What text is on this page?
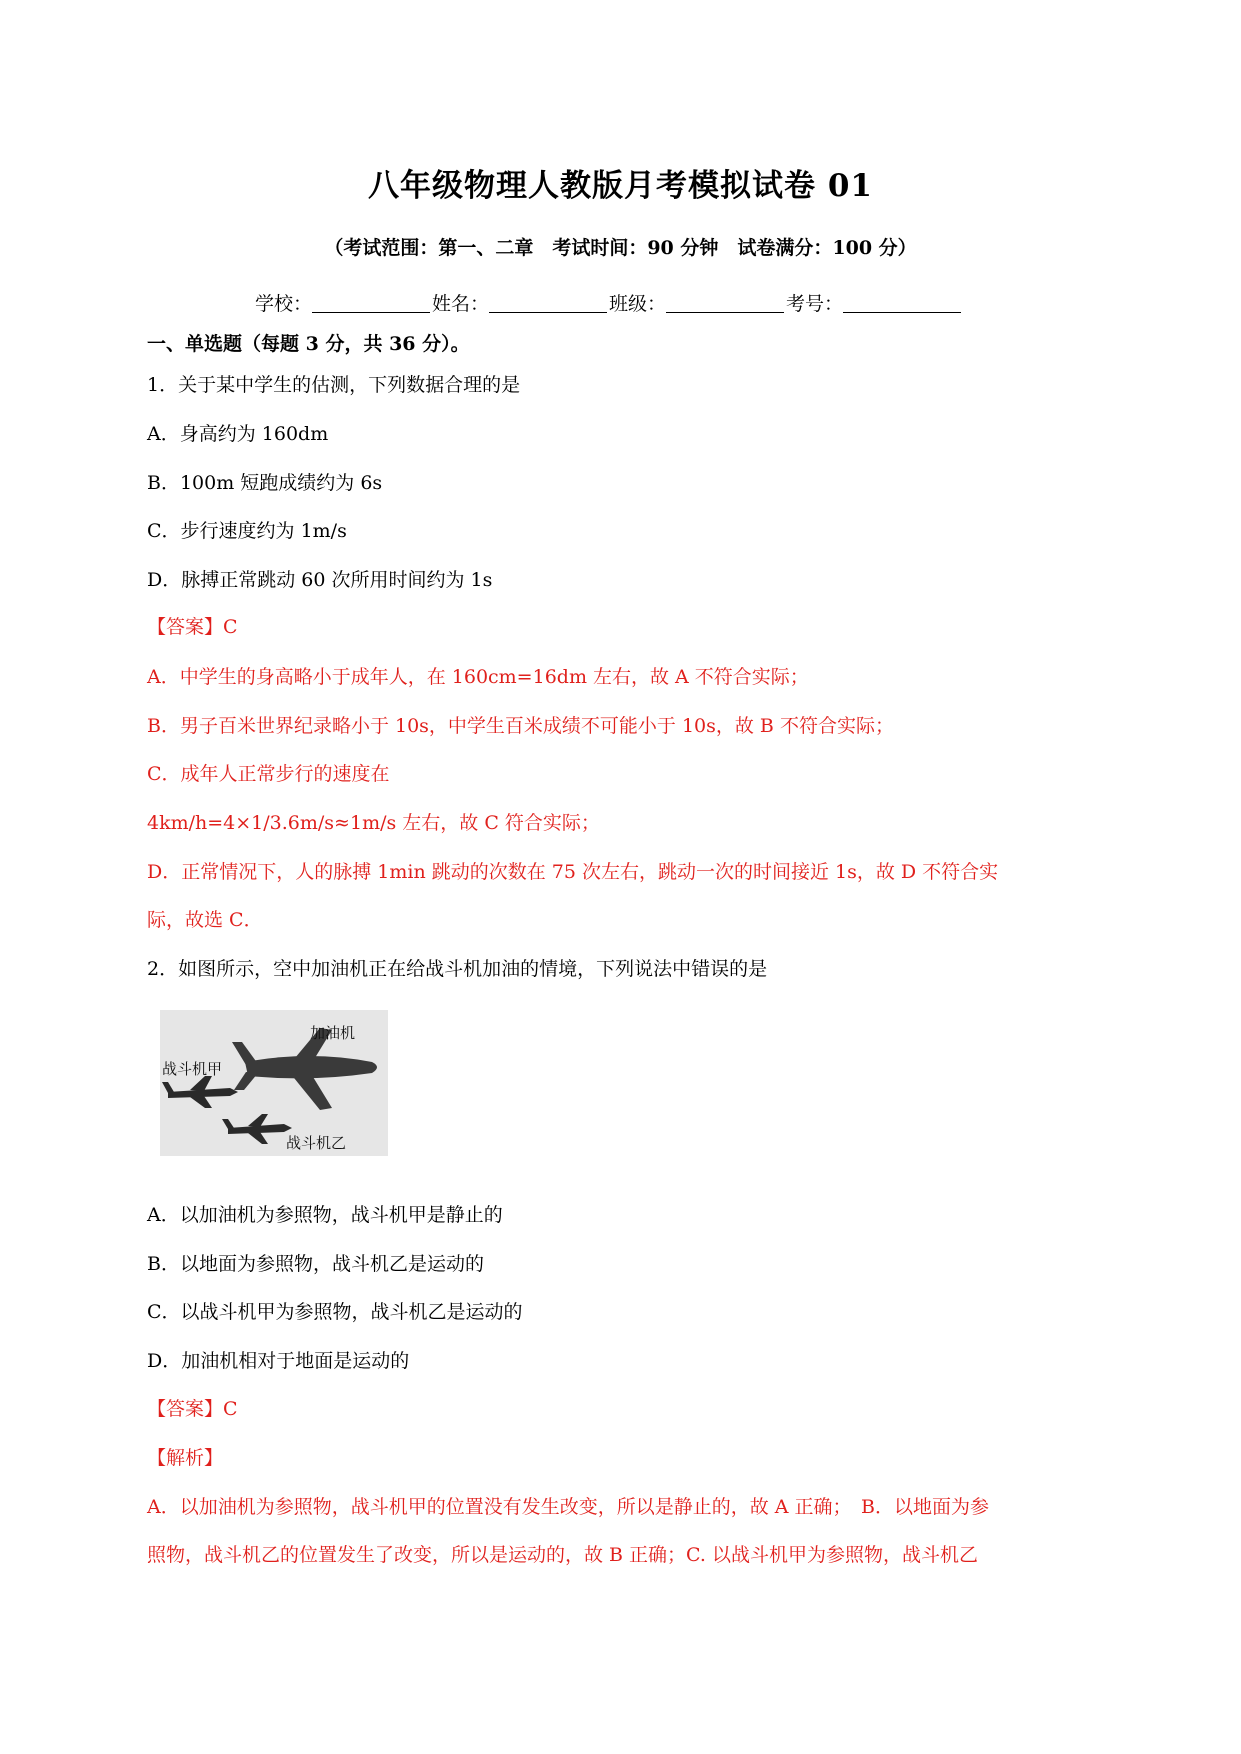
八年级物理人教版月考模拟试卷 01
（考试范围：第一、二章　考试时间：90 分钟　试卷满分：100 分）
学校：	姓名：	班级：	考号：
一、单选题（每题 3 分，共 36 分）。
1．关于某中学生的估测，下列数据合理的是
A．身高约为 160dm
B．100m 短跑成绩约为 6s
C．步行速度约为 1m/s
D．脉搏正常跳动 60 次所用时间约为 1s
【答案】C
A．中学生的身高略小于成年人，在 160cm=16dm 左右，故 A 不符合实际；
B．男子百米世界纪录略小于 10s，中学生百米成绩不可能小于 10s，故 B 不符合实际；
C．成年人正常步行的速度在
4km/h=4×1/3.6m/s≈1m/s 左右，故 C 符合实际；
D．正常情况下，人的脉搏 1min 跳动的次数在 75 次左右，跳动一次的时间接近 1s，故 D 不符合实
际，故选 C．
2．如图所示，空中加油机正在给战斗机加油的情境，下列说法中错误的是
加油机
战斗机甲
战斗机乙
A．以加油机为参照物，战斗机甲是静止的
B．以地面为参照物，战斗机乙是运动的
C．以战斗机甲为参照物，战斗机乙是运动的
D．加油机相对于地面是运动的
【答案】C
【解析】
A．以加油机为参照物，战斗机甲的位置没有发生改变，所以是静止的，故 A 正确；　B．以地面为参
照物，战斗机乙的位置发生了改变，所以是运动的，故 B 正确；C. 以战斗机甲为参照物，战斗机乙
